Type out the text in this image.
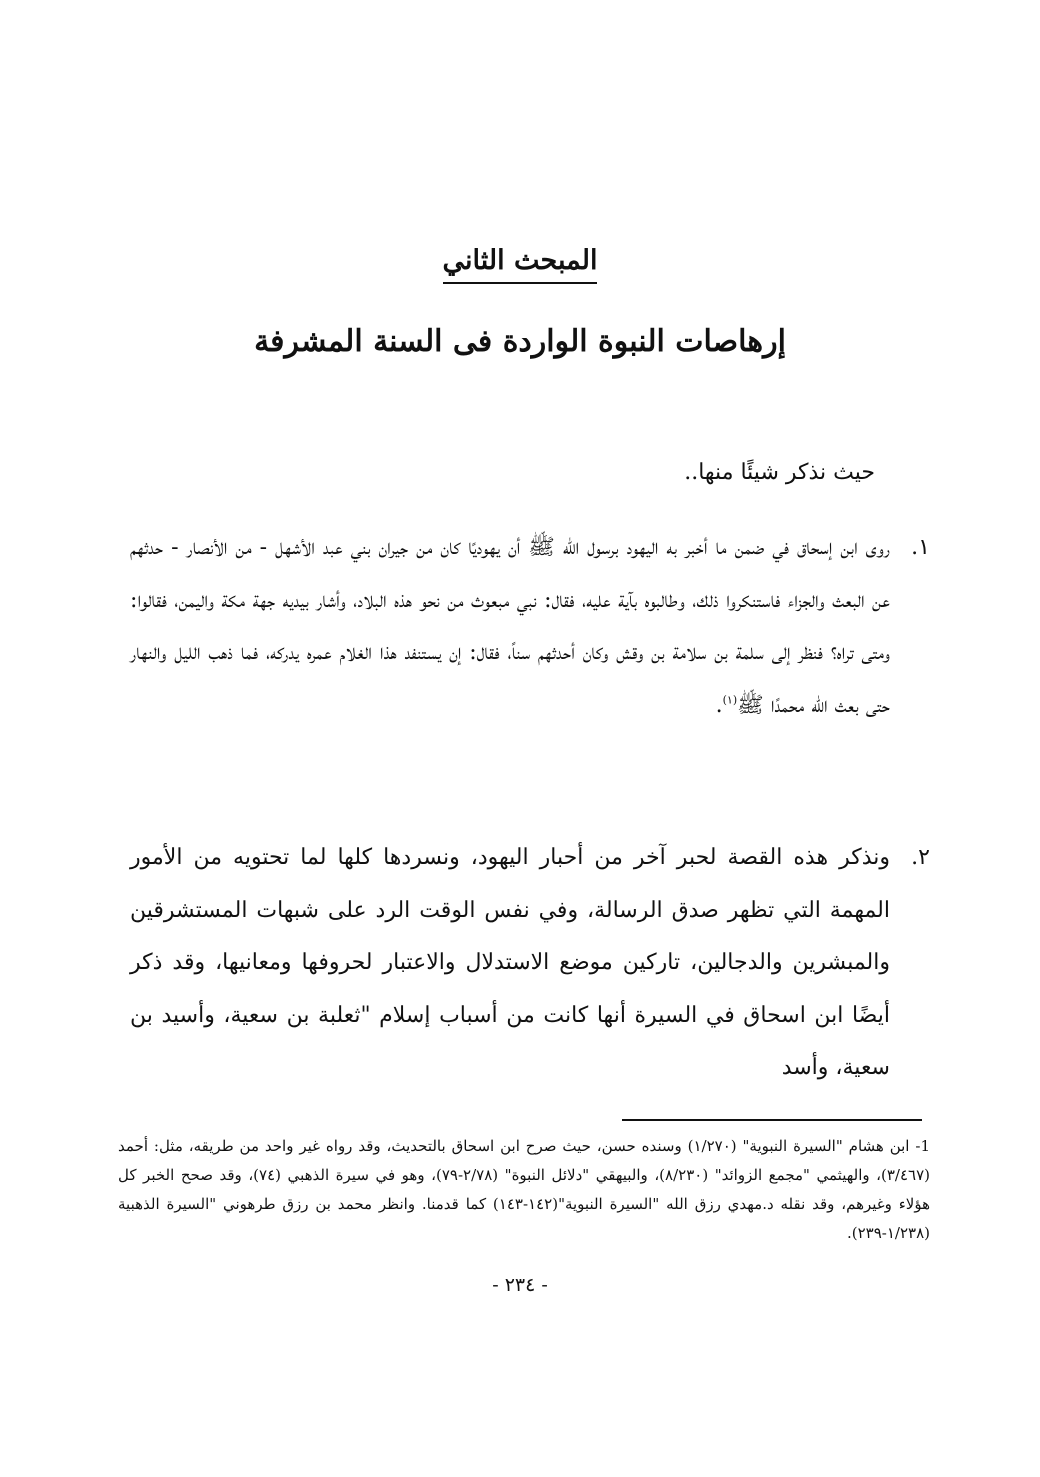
المبحث الثاني
إرهاصات النبوة الواردة فى السنة المشرفة
حيث نذكر شيئًا منها..
١.
روى ابن إسحاق في ضمن ما أخبر به اليهود برسول الله ﷺ أن يهوديًا كان من جيران بني عبد الأشهل - من الأنصار - حدثهم عن البعث والجزاء فاستنكروا ذلك، وطالبوه بآية عليه، فقال: نبي مبعوث من نحو هذه البلاد، وأشار بيديه جهة مكة واليمن، فقالوا: ومتى تراه؟ فنظر إلى سلمة بن سلامة بن وقش وكان أحدثهم سناً، فقال: إن يستنفد هذا الغلام عمره يدركه، فما ذهب الليل والنهار حتى بعث الله محمدًا ﷺ$^{(١)}$.
٢.
ونذكر هذه القصة لحبر آخر من أحبار اليهود، ونسردها كلها لما تحتويه من الأمور المهمة التي تظهر صدق الرسالة، وفي نفس الوقت الرد على شبهات المستشرقين والمبشرين والدجالين، تاركين موضع الاستدلال والاعتبار لحروفها ومعانيها، وقد ذكر أيضًا ابن اسحاق في السيرة أنها كانت من أسباب إسلام "ثعلبة بن سعية، وأسيد بن سعية، وأسد
1- ابن هشام "السيرة النبوية" (١/٢٧٠) وسنده حسن، حيث صرح ابن اسحاق بالتحديث، وقد رواه غير واحد من طريقه، مثل: أحمد (٣/٤٦٧)، والهيثمي "مجمع الزوائد" (٨/٢٣٠)، والبيهقي "دلائل النبوة" (٢/٧٨-٧٩)، وهو في سيرة الذهبي (٧٤)، وقد صحح الخبر كل هؤلاء وغيرهم، وقد نقله د.مهدي رزق الله "السيرة النبوية"(١٤٢-١٤٣) كما قدمنا. وانظر محمد بن رزق طرهوني "السيرة الذهبية (١/٢٣٨-٢٣٩).
- ٢٣٤ -
